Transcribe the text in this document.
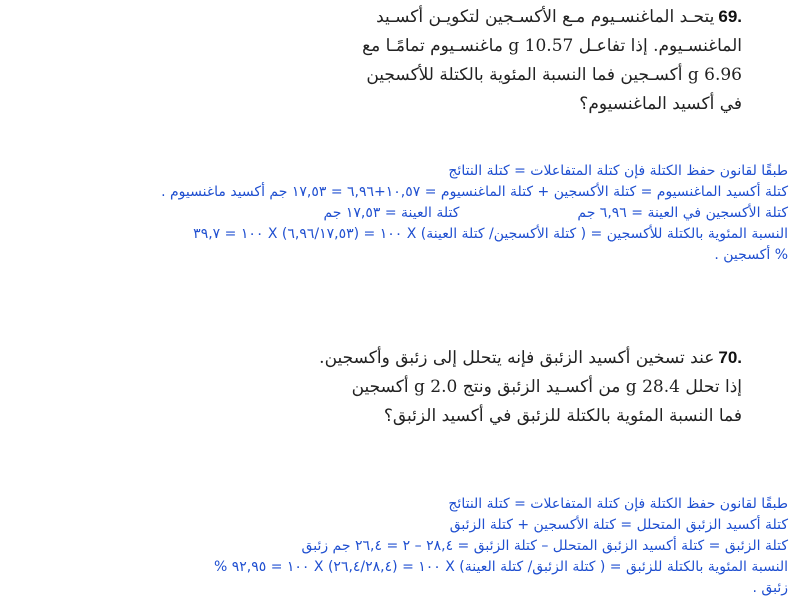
69.يتحـد الماغنسـيوم مـع الأكسـجين لتكويـن أكسـيد
الماغنسـيوم. إذا تفاعـل 10.57 g ماغنسـيوم تمامًـا مع
6.96 g أكسـجين فما النسبة المئوية بالكتلة للأكسجين
في أكسيد الماغنسيوم؟
طبقًا لقانون حفظ الكتلة فإن كتلة المتفاعلات = كتلة النتائج
كتلة أكسيد الماغنسيوم = كتلة الأكسجين + كتلة الماغنسيوم = ١٠,٥٧+٦,٩٦ = ١٧,٥٣ جم أكسيد ماغنسيوم .
كتلة الأكسجين في العينة = ٦,٩٦ جمكتلة العينة = ١٧,٥٣ جم
النسبة المئوية بالكتلة للأكسجين = ( كتلة الأكسجين/ كتلة العينة) X ١٠٠ = (٦,٩٦/١٧,٥٣) X ١٠٠ = ٣٩,٧
% أكسجين .
70.عند تسخين أكسيد الزئبق فإنه يتحلل إلى زئبق وأكسجين.
إذا تحلل 28.4 g من أكسـيد الزئبق ونتج 2.0 g أكسجين
فما النسبة المئوية بالكتلة للزئبق في أكسيد الزئبق؟
طبقًا لقانون حفظ الكتلة فإن كتلة المتفاعلات = كتلة النتائج
كتلة أكسيد الزئبق المتحلل = كتلة الأكسجين + كتلة الزئبق
كتلة الزئبق = كتلة أكسيد الزئبق المتحلل – كتلة الزئبق = ٢٨,٤ – ٢ = ٢٦,٤ جم زئبق
النسبة المئوية بالكتلة للزئبق = ( كتلة الزئبق/ كتلة العينة) X ١٠٠ = (٢٦,٤/٢٨,٤) X ١٠٠ = ٩٢,٩٥ %
زئبق .
